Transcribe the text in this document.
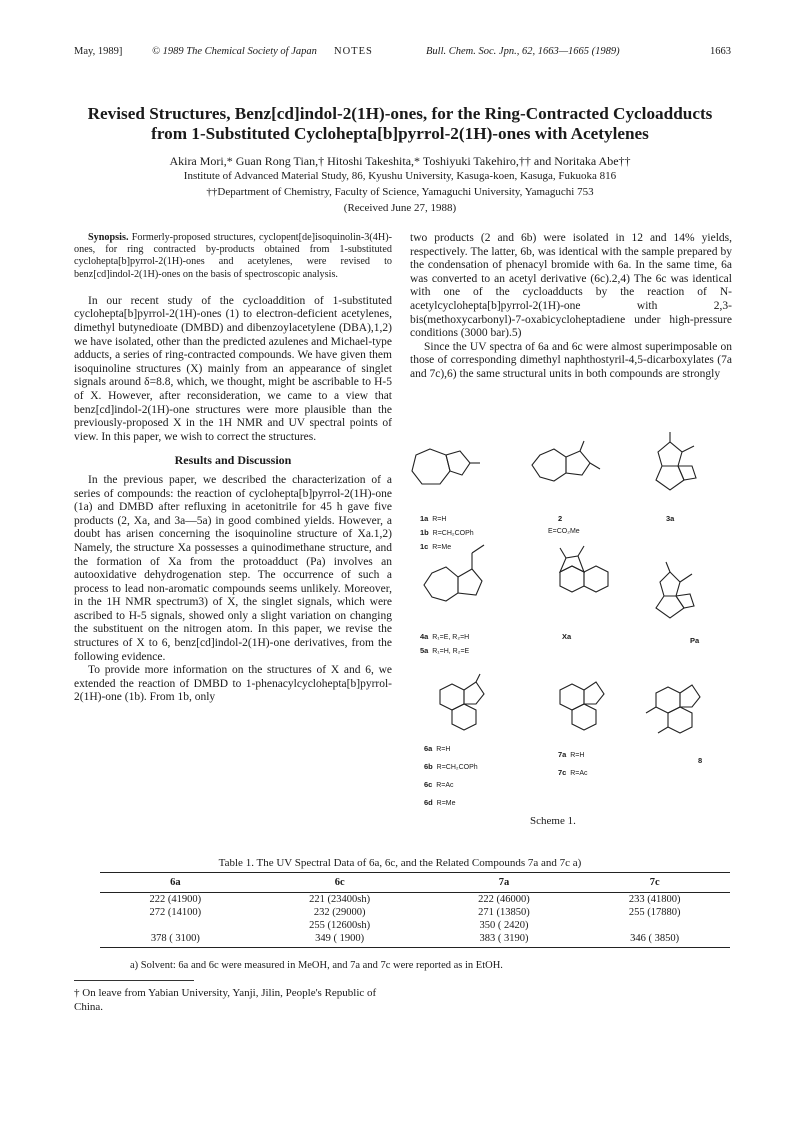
May, 1989]	© 1989 The Chemical Society of Japan NOTES	Bull. Chem. Soc. Jpn., 62, 1663—1665 (1989)	1663
Revised Structures, Benz[cd]indol-2(1H)-ones, for the Ring-Contracted Cycloadducts
from 1-Substituted Cyclohepta[b]pyrrol-2(1H)-ones with Acetylenes
Akira Mori,* Guan Rong Tian,† Hitoshi Takeshita,* Toshiyuki Takehiro,†† and Noritaka Abe††
Institute of Advanced Material Study, 86, Kyushu University, Kasuga-koen, Kasuga, Fukuoka 816
††Department of Chemistry, Faculty of Science, Yamaguchi University, Yamaguchi 753
(Received June 27, 1988)

Synopsis. Formerly-proposed structures, cyclopent[de]isoquinolin-3(4H)-ones, for ring contracted by-products obtained from 1-substituted cyclohepta[b]pyrrol-2(1H)-ones and acetylenes, were revised to benz[cd]indol-2(1H)-ones on the basis of spectroscopic analysis.

In our recent study of the cycloaddition of 1-substituted cyclohepta[b]pyrrol-2(1H)-ones (1) to electron-deficient acetylenes, dimethyl butynedioate (DMBD) and dibenzoylacetylene (DBA),1,2) we have isolated, other than the predicted azulenes and Michael-type adducts, a series of ring-contracted compounds. We have given them isoquinoline structures (X) mainly from an appearance of singlet signals around δ=8.8, which, we thought, might be ascribable to H-5 of X. However, after reconsideration, we came to a view that benz[cd]indol-2(1H)-one structures were more plausible than the previously-proposed X in the 1H NMR and UV spectral points of view. In this paper, we wish to correct the structures.

Results and Discussion

In the previous paper, we described the characterization of a series of compounds: the reaction of cyclohepta[b]pyrrol-2(1H)-one (1a) and DMBD after refluxing in acetonitrile for 45 h gave five products (2, Xa, and 3a—5a) in good combined yields. However, a doubt has arisen concerning the isoquinoline structure of Xa.1,2) Namely, the structure Xa possesses a quinodimethane structure, and the formation of Xa from the protoadduct (Pa) involves an autooxidative dehydrogenation step. The occurrence of such a process to lead non-aromatic compounds seems unlikely. Moreover, in the 1H NMR spectrum3) of X, the singlet signals, which were ascribed to H-5 signals, showed only a slight variation on changing the substituent on the nitrogen atom. In this paper, we revise the structures of X to 6, benz[cd]indol-2(1H)-one derivatives, from the following evidence.

To provide more information on the structures of X and 6, we extended the reaction of DMBD to 1-phenacylcyclohepta[b]pyrrol-2(1H)-one (1b). From 1b, only

two products (2 and 6b) were isolated in 12 and 14% yields, respectively. The latter, 6b, was identical with the sample prepared by the condensation of phenacyl bromide with 6a. In the same time, 6a was converted to an acetyl derivative (6c).2,4) The 6c was identical with one of the cycloadducts by the reaction of N-acetylcyclohepta[b]pyrrol-2(1H)-one with 2,3-bis(methoxycarbonyl)-7-oxabicycloheptadiene under high-pressure conditions (3000 bar).5)

Since the UV spectra of 6a and 6c were almost superimposable on those of corresponding dimethyl naphthostyril-4,5-dicarboxylates (7a and 7c),6) the same structural units in both compounds are strongly

1a R=H
1b R=CH₂COPh
1c R=Me
2
E=CO₂Me
3a
4a R₁=E, R₂=H
5a R₁=H, R₂=E
Xa	Pa
6a R=H
6b R=CH₂COPh
6c R=Ac
6d R=Me
7a R=H
7c R=Ac
8
Scheme 1.
Table 1. The UV Spectral Data of 6a, 6c, and the Related Compounds 7a and 7c a)
6a	6c	7a	7c
222 (41900)	221 (23400sh)	222 (46000)	233 (41800)
272 (14100)	232 (29000)	271 (13850)	255 (17880)
	255 (12600sh)	350 ( 2420)	
378 ( 3100)	349 ( 1900)	383 ( 3190)	346 ( 3850)
a) Solvent: 6a and 6c were measured in MeOH, and 7a and 7c were reported as in EtOH.
† On leave from Yabian University, Yanji, Jilin, People's Republic of China.
